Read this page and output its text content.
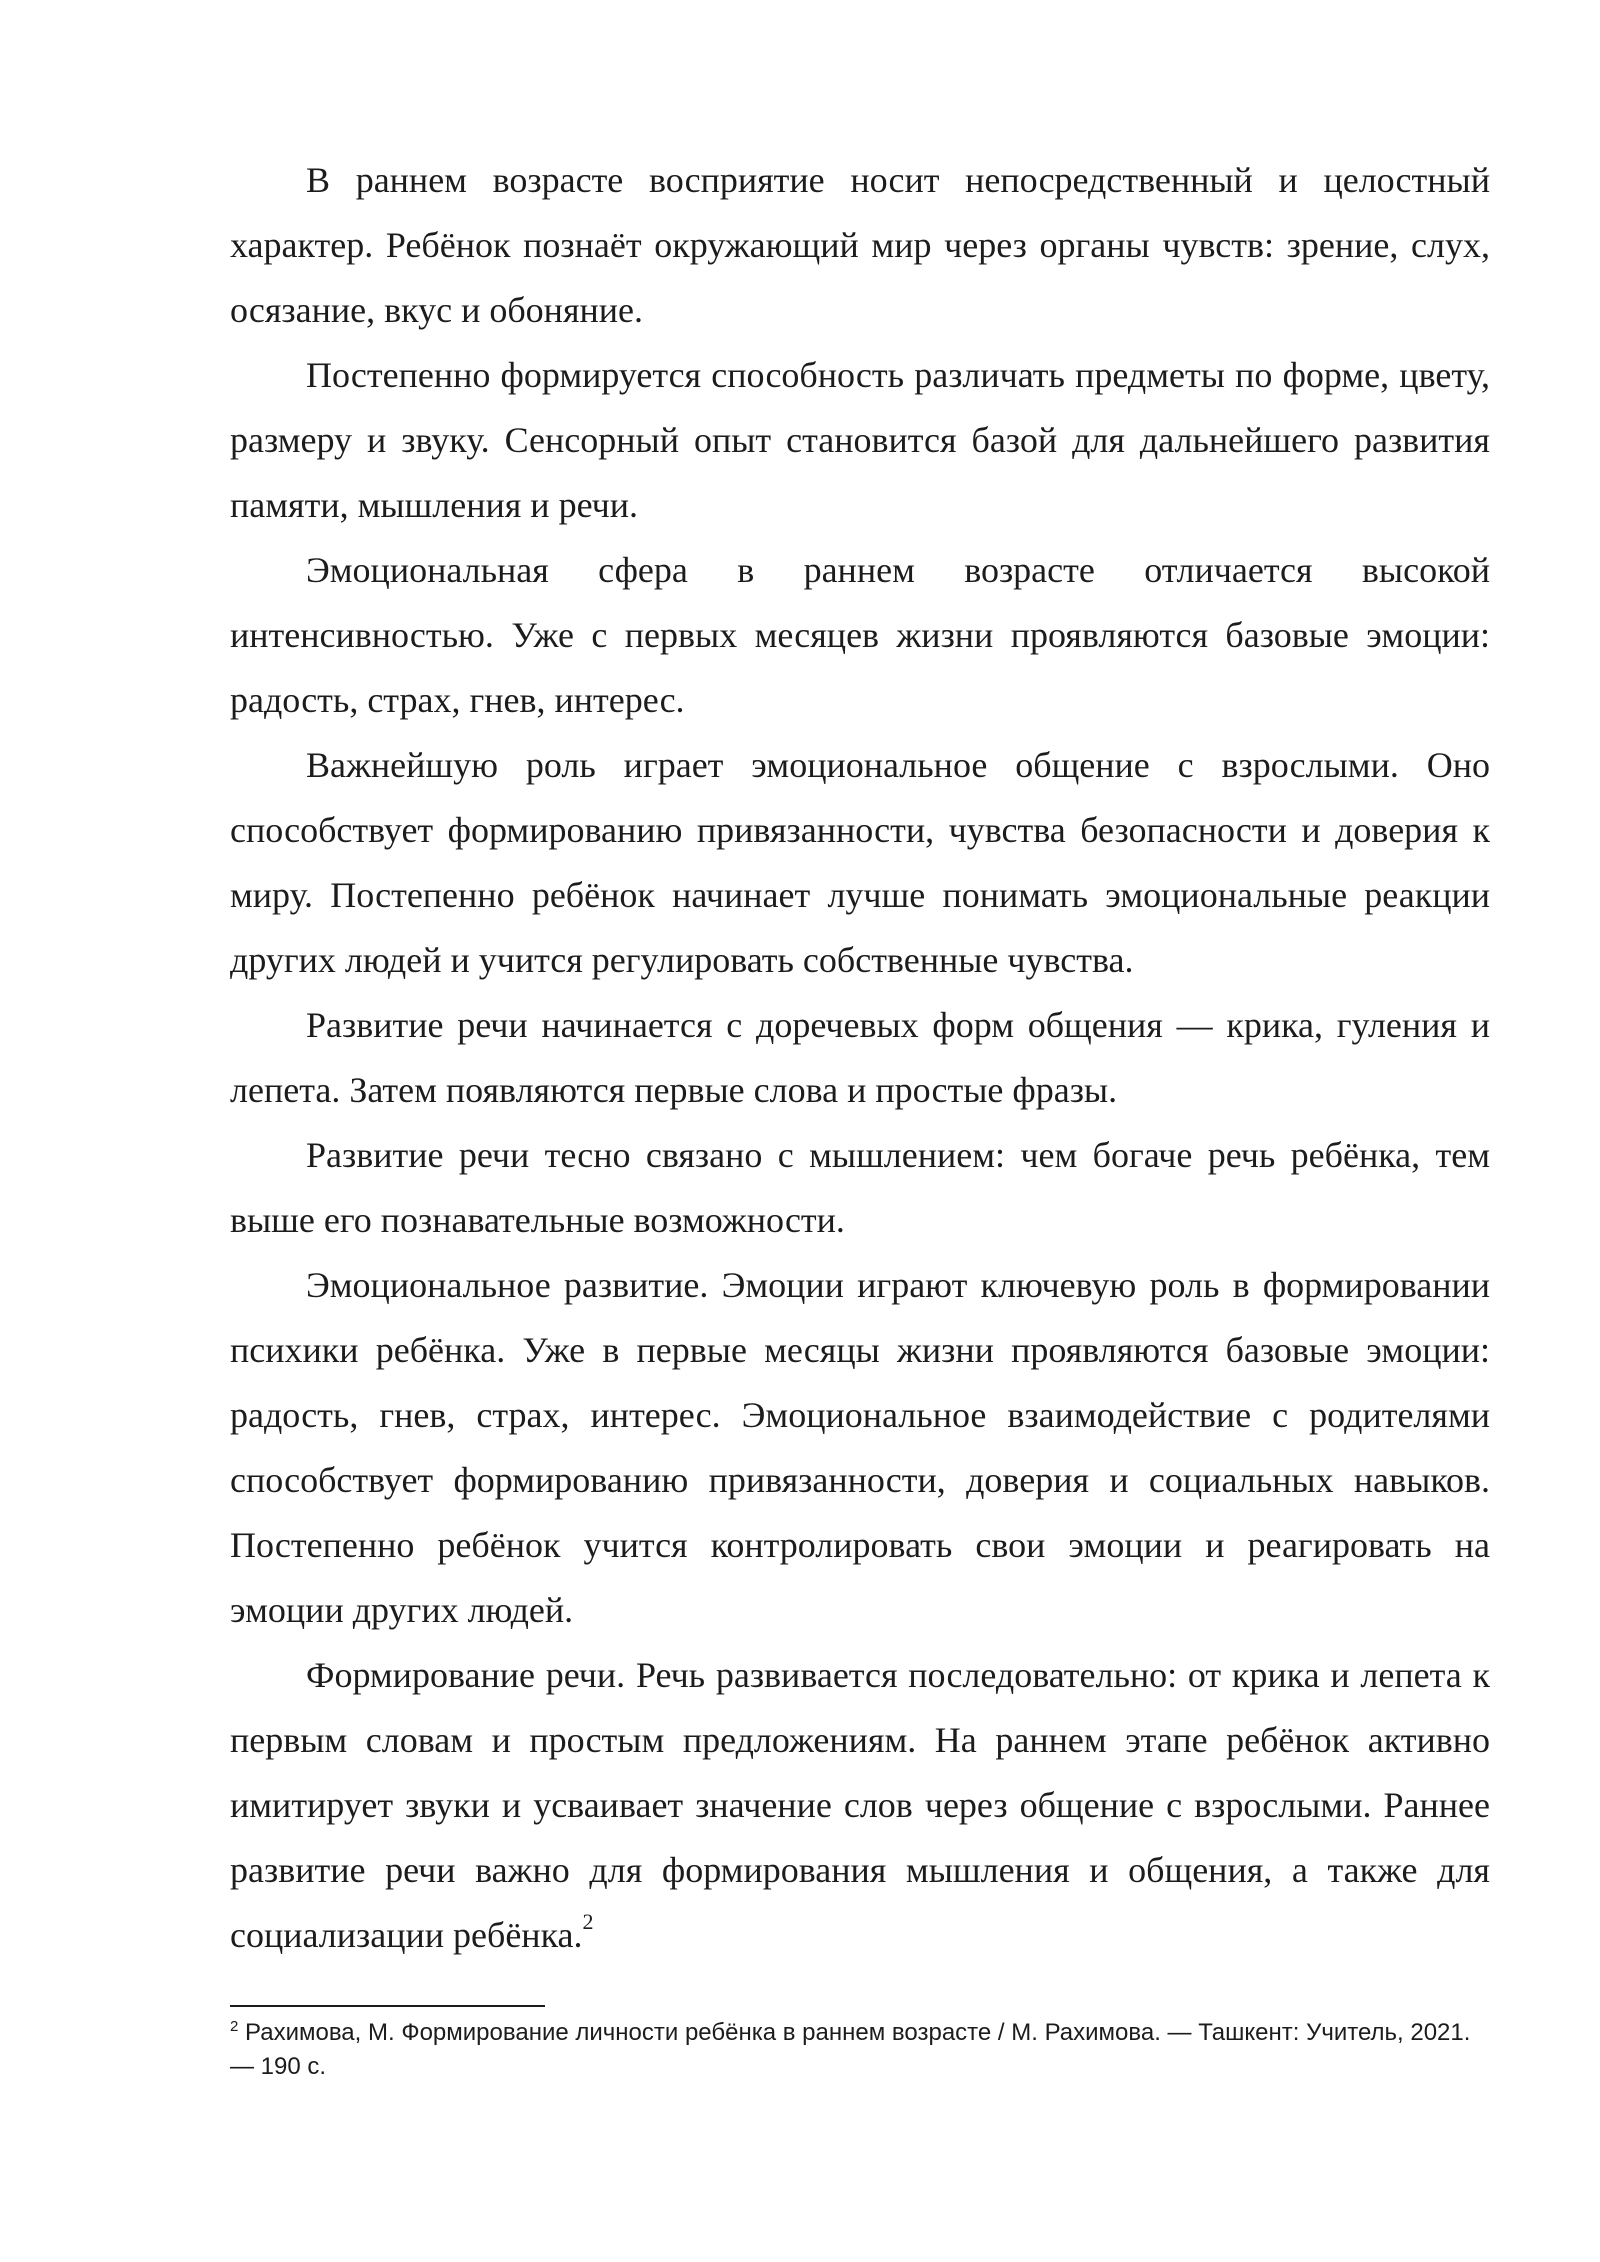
В раннем возрасте восприятие носит непосредственный и целостный характер. Ребёнок познаёт окружающий мир через органы чувств: зрение, слух, осязание, вкус и обоняние.

Постепенно формируется способность различать предметы по форме, цвету, размеру и звуку. Сенсорный опыт становится базой для дальнейшего развития памяти, мышления и речи.

Эмоциональная сфера в раннем возрасте отличается высокой интенсивностью. Уже с первых месяцев жизни проявляются базовые эмоции: радость, страх, гнев, интерес.

Важнейшую роль играет эмоциональное общение с взрослыми. Оно способствует формированию привязанности, чувства безопасности и доверия к миру. Постепенно ребёнок начинает лучше понимать эмоциональные реакции других людей и учится регулировать собственные чувства.

Развитие речи начинается с доречевых форм общения — крика, гуления и лепета. Затем появляются первые слова и простые фразы.

Развитие речи тесно связано с мышлением: чем богаче речь ребёнка, тем выше его познавательные возможности.

Эмоциональное развитие. Эмоции играют ключевую роль в формировании психики ребёнка. Уже в первые месяцы жизни проявляются базовые эмоции: радость, гнев, страх, интерес. Эмоциональное взаимодействие с родителями способствует формированию привязанности, доверия и социальных навыков. Постепенно ребёнок учится контролировать свои эмоции и реагировать на эмоции других людей.

Формирование речи. Речь развивается последовательно: от крика и лепета к первым словам и простым предложениям. На раннем этапе ребёнок активно имитирует звуки и усваивает значение слов через общение с взрослыми. Раннее развитие речи важно для формирования мышления и общения, а также для социализации ребёнка.$^2$

$^2$ Рахимова, М. Формирование личности ребёнка в раннем возрасте / М. Рахимова. — Ташкент: Учитель, 2021. — 190 с.
